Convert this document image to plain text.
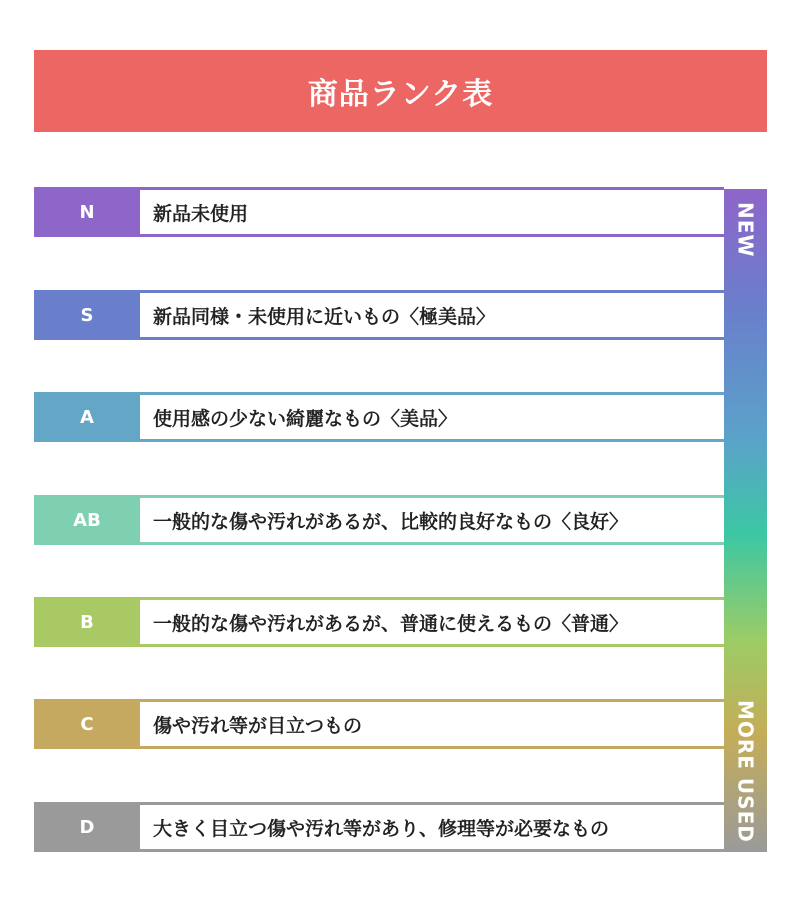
商品ランク表
NEW
MORE USED
N	新品未使用
S	新品同様・未使用に近いもの〈極美品〉
A	使用感の少ない綺麗なもの〈美品〉
AB	一般的な傷や汚れがあるが、比較的良好なもの〈良好〉
B	一般的な傷や汚れがあるが、普通に使えるもの〈普通〉
C	傷や汚れ等が目立つもの
D	大きく目立つ傷や汚れ等があり、修理等が必要なもの
